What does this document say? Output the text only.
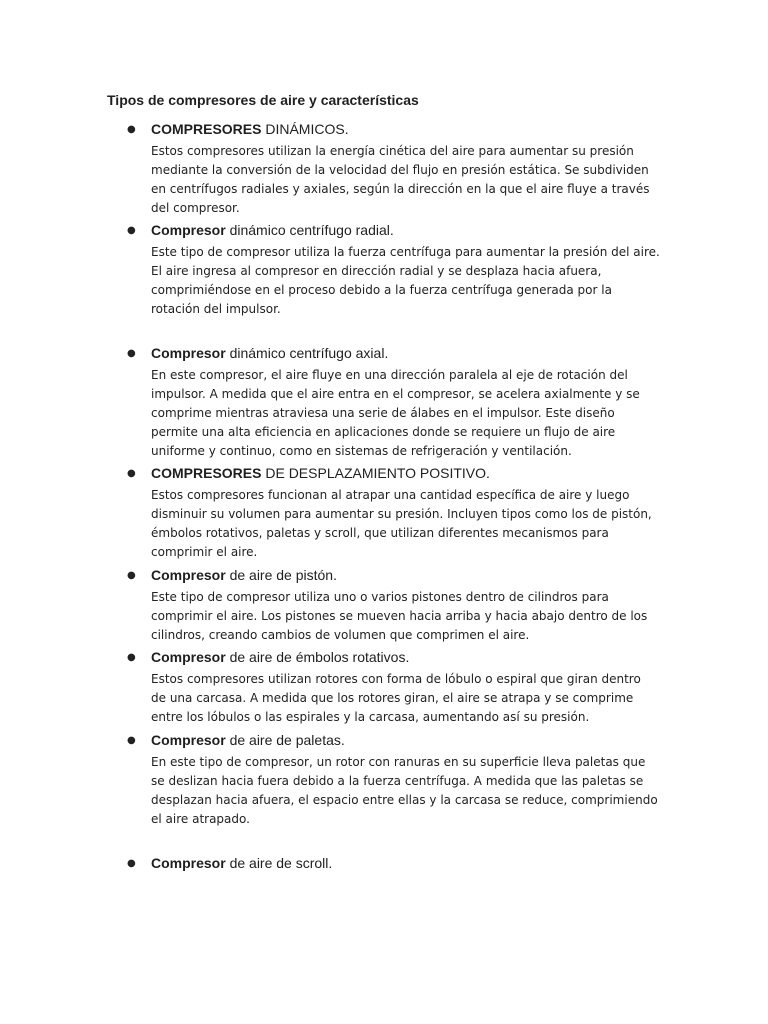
Tipos de compresores de aire y características
● COMPRESORES DINÁMICOS.

Estos compresores utilizan la energía cinética del aire para aumentar su presión
mediante la conversión de la velocidad del flujo en presión estática. Se subdividen
en centrífugos radiales y axiales, según la dirección en la que el aire fluye a través
del compresor.

● Compresor dinámico centrífugo radial.

Este tipo de compresor utiliza la fuerza centrífuga para aumentar la presión del aire.
El aire ingresa al compresor en dirección radial y se desplaza hacia afuera,
comprimiéndose en el proceso debido a la fuerza centrífuga generada por la
rotación del impulsor.

● Compresor dinámico centrífugo axial.

En este compresor, el aire fluye en una dirección paralela al eje de rotación del
impulsor. A medida que el aire entra en el compresor, se acelera axialmente y se
comprime mientras atraviesa una serie de álabes en el impulsor. Este diseño
permite una alta eficiencia en aplicaciones donde se requiere un flujo de aire
uniforme y continuo, como en sistemas de refrigeración y ventilación.

● COMPRESORES DE DESPLAZAMIENTO POSITIVO.

Estos compresores funcionan al atrapar una cantidad específica de aire y luego
disminuir su volumen para aumentar su presión. Incluyen tipos como los de pistón,
émbolos rotativos, paletas y scroll, que utilizan diferentes mecanismos para
comprimir el aire.

● Compresor de aire de pistón.

Este tipo de compresor utiliza uno o varios pistones dentro de cilindros para
comprimir el aire. Los pistones se mueven hacia arriba y hacia abajo dentro de los
cilindros, creando cambios de volumen que comprimen el aire.

● Compresor de aire de émbolos rotativos.

Estos compresores utilizan rotores con forma de lóbulo o espiral que giran dentro
de una carcasa. A medida que los rotores giran, el aire se atrapa y se comprime
entre los lóbulos o las espirales y la carcasa, aumentando así su presión.

● Compresor de aire de paletas.

En este tipo de compresor, un rotor con ranuras en su superficie lleva paletas que
se deslizan hacia fuera debido a la fuerza centrífuga. A medida que las paletas se
desplazan hacia afuera, el espacio entre ellas y la carcasa se reduce, comprimiendo
el aire atrapado.

● Compresor de aire de scroll.
